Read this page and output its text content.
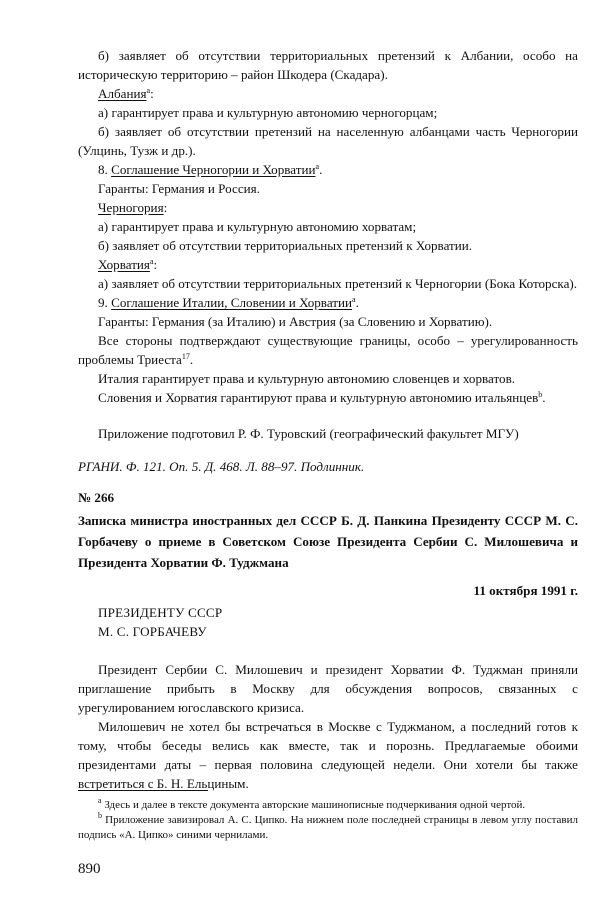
б) заявляет об отсутствии территориальных претензий к Албании, особо на историческую территорию – район Шкодера (Скадара).

Албания$^a$:

а) гарантирует права и культурную автономию черногорцам;

б) заявляет об отсутствии претензий на населенную албанцами часть Черногории (Улцинь, Тузж и др.).

8. Соглашение Черногории и Хорватии$^a$.

Гаранты: Германия и Россия.

Черногория:

а) гарантирует права и культурную автономию хорватам;

б) заявляет об отсутствии территориальных претензий к Хорватии.

Хорватия$^a$:

а) заявляет об отсутствии территориальных претензий к Черногории (Бока Которска).

9. Соглашение Италии, Словении и Хорватии$^a$.

Гаранты: Германия (за Италию) и Австрия (за Словению и Хорватию).

Все стороны подтверждают существующие границы, особо – урегулированность проблемы Триеста$^{17}$.

Италия гарантирует права и культурную автономию словенцев и хорватов.

Словения и Хорватия гарантируют права и культурную автономию итальянцев$^b$.

Приложение подготовил Р. Ф. Туровский (географический факультет МГУ)

РГАНИ. Ф. 121. Оп. 5. Д. 468. Л. 88–97. Подлинник.

№ 266

Записка министра иностранных дел СССР Б. Д. Панкина Президенту СССР М. С. Горбачеву о приеме в Советском Союзе Президента Сербии С. Милошевича и Президента Хорватии Ф. Туджмана

11 октября 1991 г.

ПРЕЗИДЕНТУ СССР

М. С. ГОРБАЧЕВУ

Президент Сербии С. Милошевич и президент Хорватии Ф. Туджман приняли приглашение прибыть в Москву для обсуждения вопросов, связанных с урегулированием югославского кризиса.

Милошевич не хотел бы встречаться в Москве с Туджманом, а последний готов к тому, чтобы беседы велись как вместе, так и порознь. Предлагаемые обоими президентами даты – первая половина следующей недели. Они хотели бы также встретиться с Б. Н. Ельциным.

$^a$ Здесь и далее в тексте документа авторские машинописные подчеркивания одной чертой.

$^b$ Приложение завизировал А. С. Ципко. На нижнем поле последней страницы в левом углу поставил подпись «А. Ципко» синими чернилами.

890
